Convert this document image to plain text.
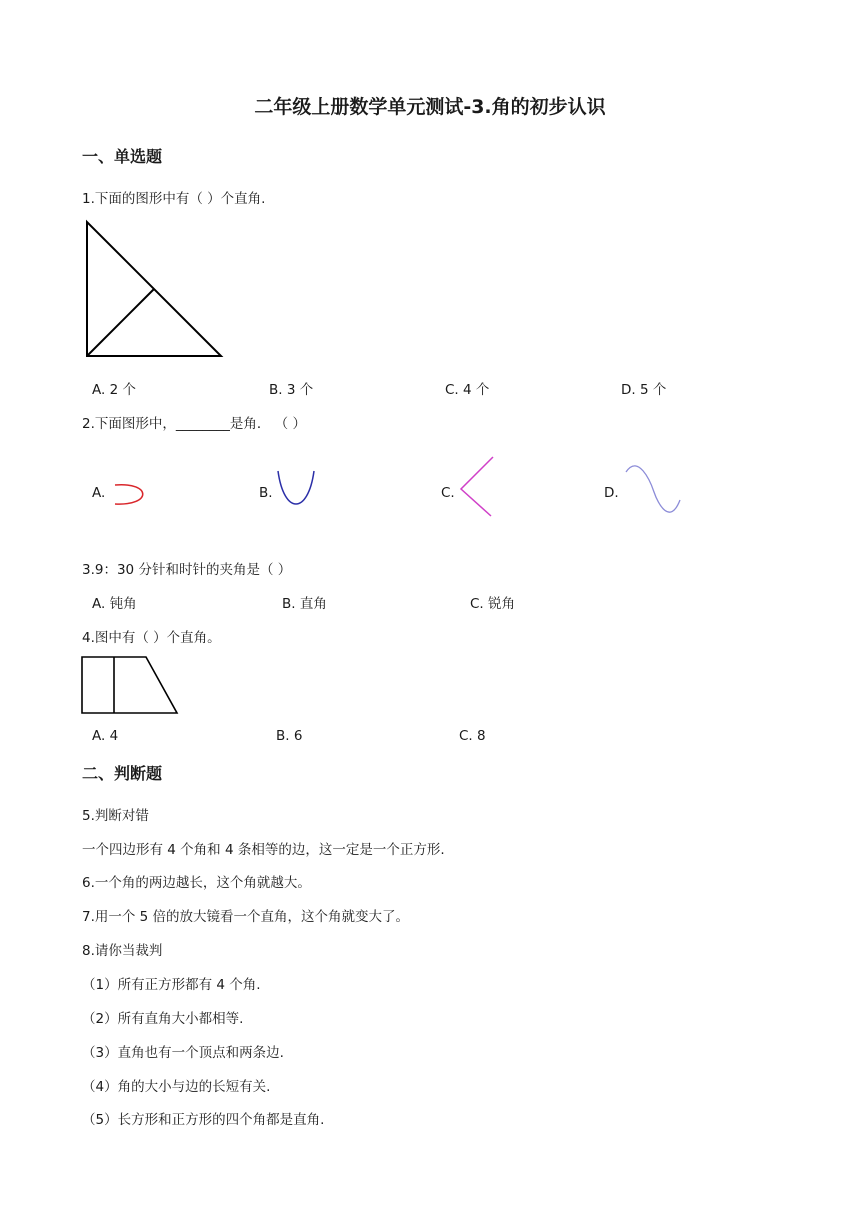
二年级上册数学单元测试-3.角的初步认识
一、单选题
1.下面的图形中有（ ）个直角.
A. 2 个	B. 3 个	C. 4 个	D. 5 个
2.下面图形中，________是角． （ ）
A.	B.	C.	D.
3.9：30 分针和时针的夹角是（ ）
A. 钝角	B. 直角	C. 锐角
4.图中有（ ）个直角。
A. 4	B. 6	C. 8
二、判断题
5.判断对错
一个四边形有 4 个角和 4 条相等的边，这一定是一个正方形.
6.一个角的两边越长，这个角就越大。
7.用一个 5 倍的放大镜看一个直角，这个角就变大了。
8.请你当裁判
（1）所有正方形都有 4 个角.
（2）所有直角大小都相等.
（3）直角也有一个顶点和两条边.
（4）角的大小与边的长短有关.
（5）长方形和正方形的四个角都是直角.
